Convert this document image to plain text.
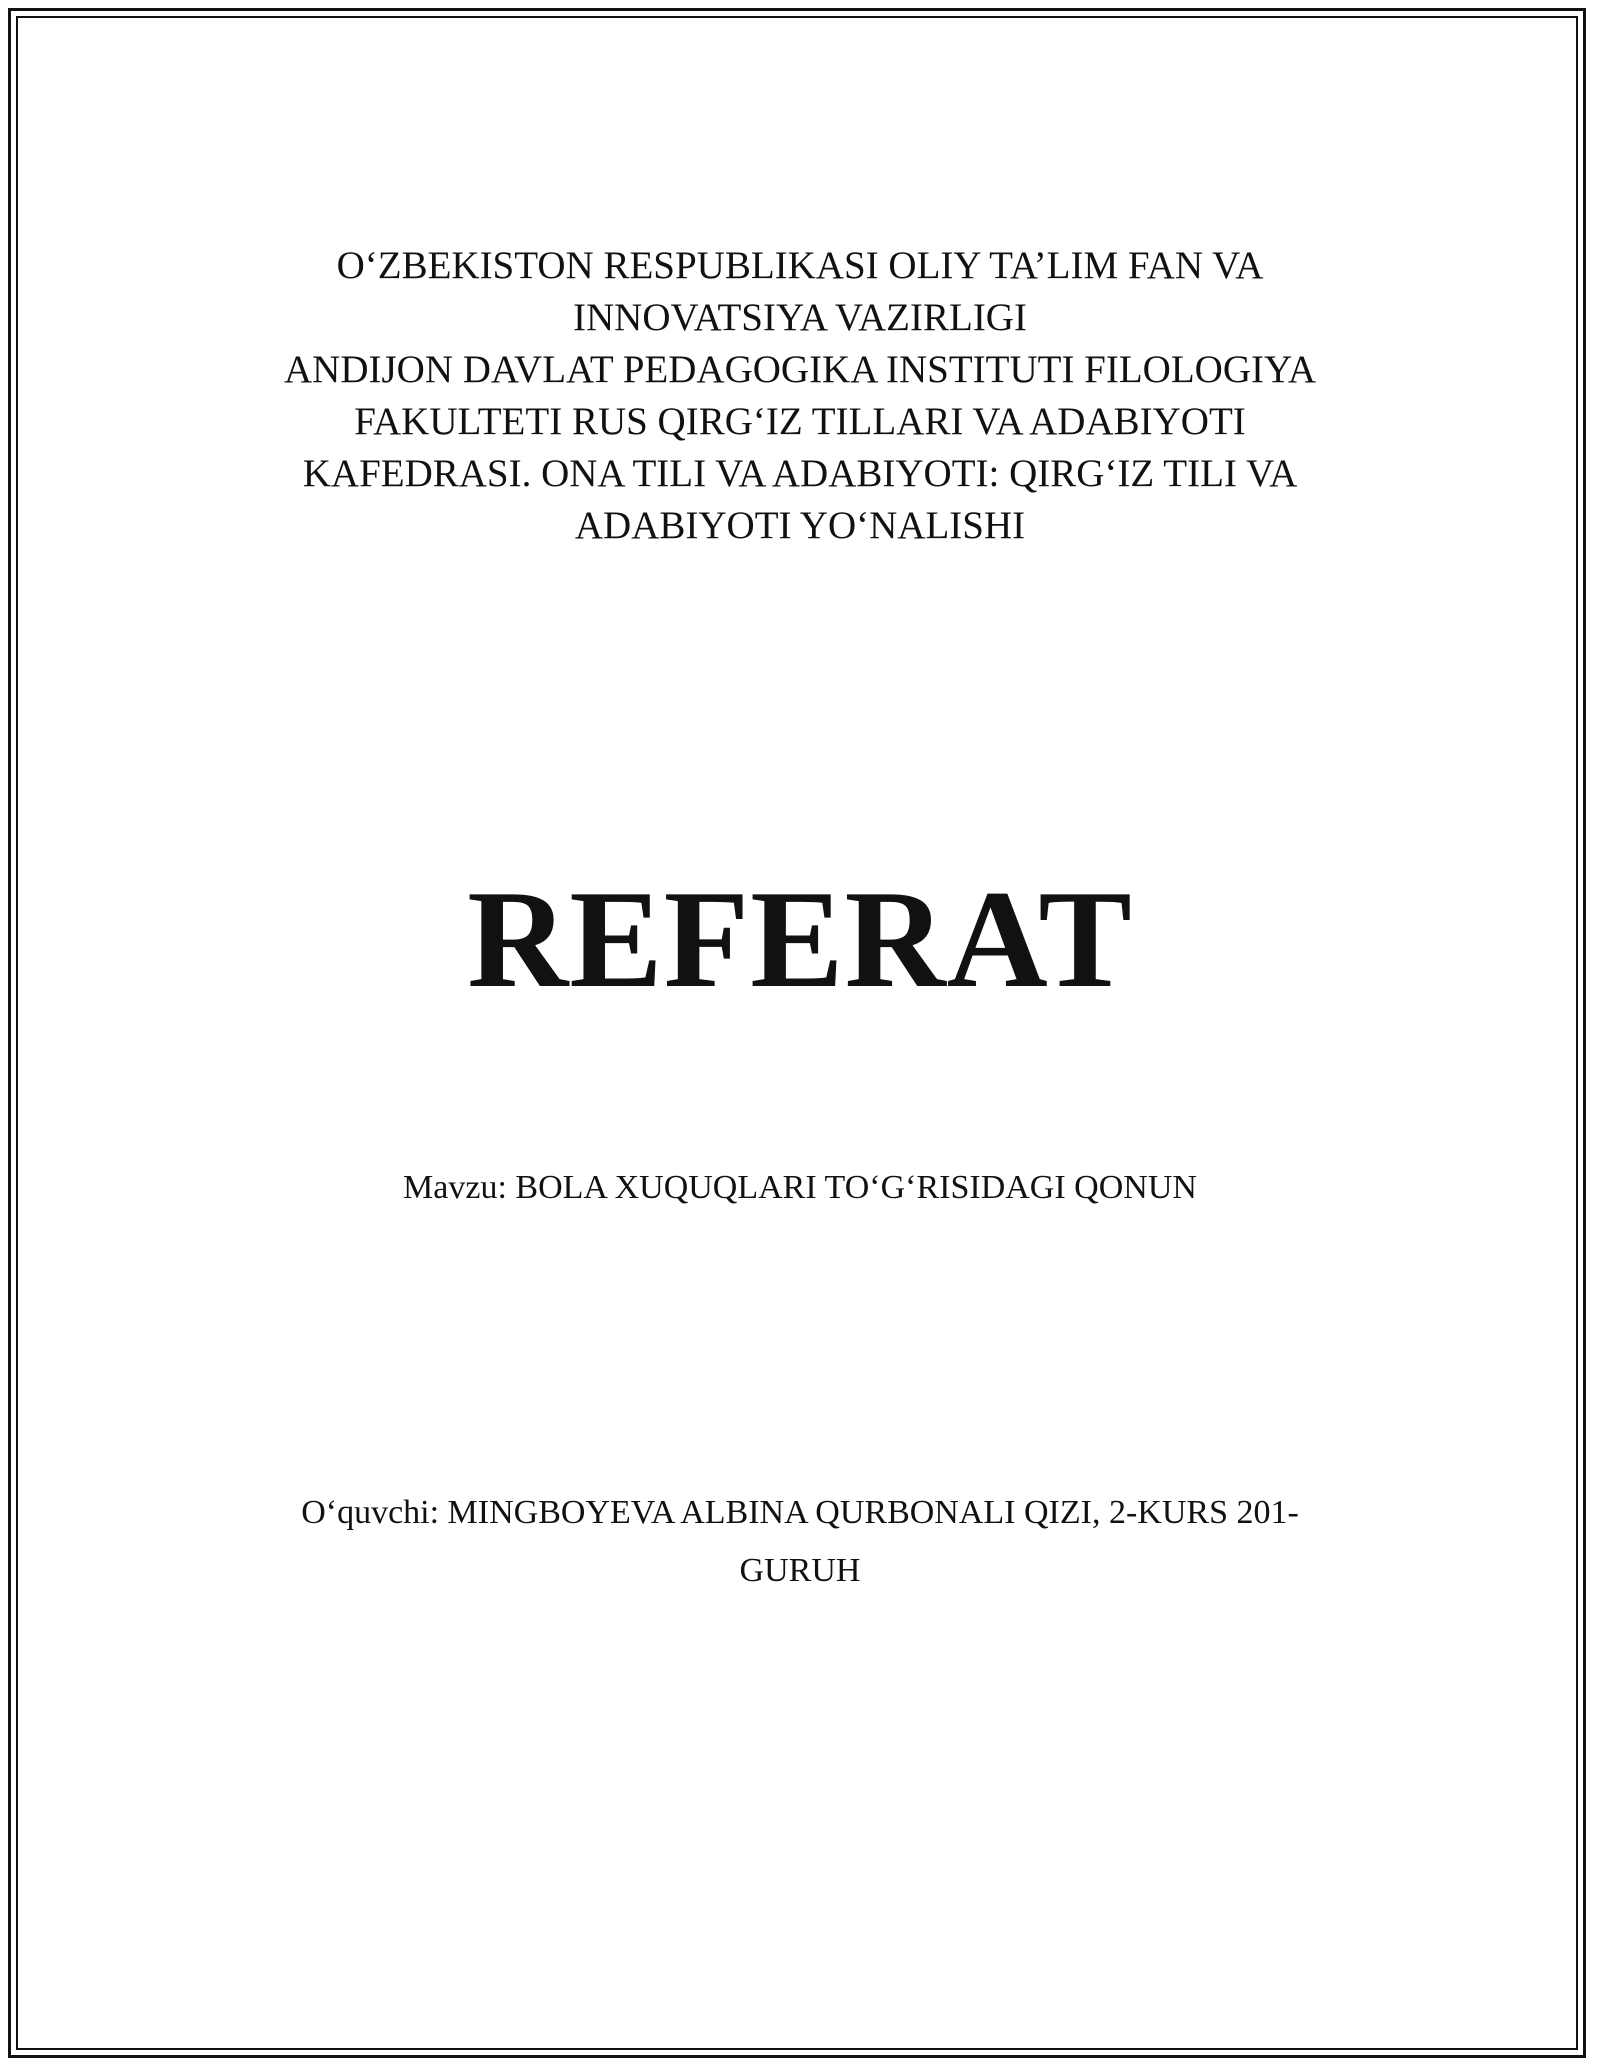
O‘ZBEKISTON RESPUBLIKASI OLIY TA’LIM FAN VA
INNOVATSIYA VAZIRLIGI
ANDIJON DAVLAT PEDAGOGIKA INSTITUTI FILOLOGIYA
FAKULTETI RUS QIRG‘IZ TILLARI VA ADABIYOTI
KAFEDRASI. ONA TILI VA ADABIYOTI: QIRG‘IZ TILI VA
ADABIYOTI YO‘NALISHI
REFERAT
Mavzu: BOLA XUQUQLARI TO‘G‘RISIDAGI QONUN
O‘quvchi: MINGBOYEVA ALBINA QURBONALI QIZI, 2-KURS 201-
GURUH
